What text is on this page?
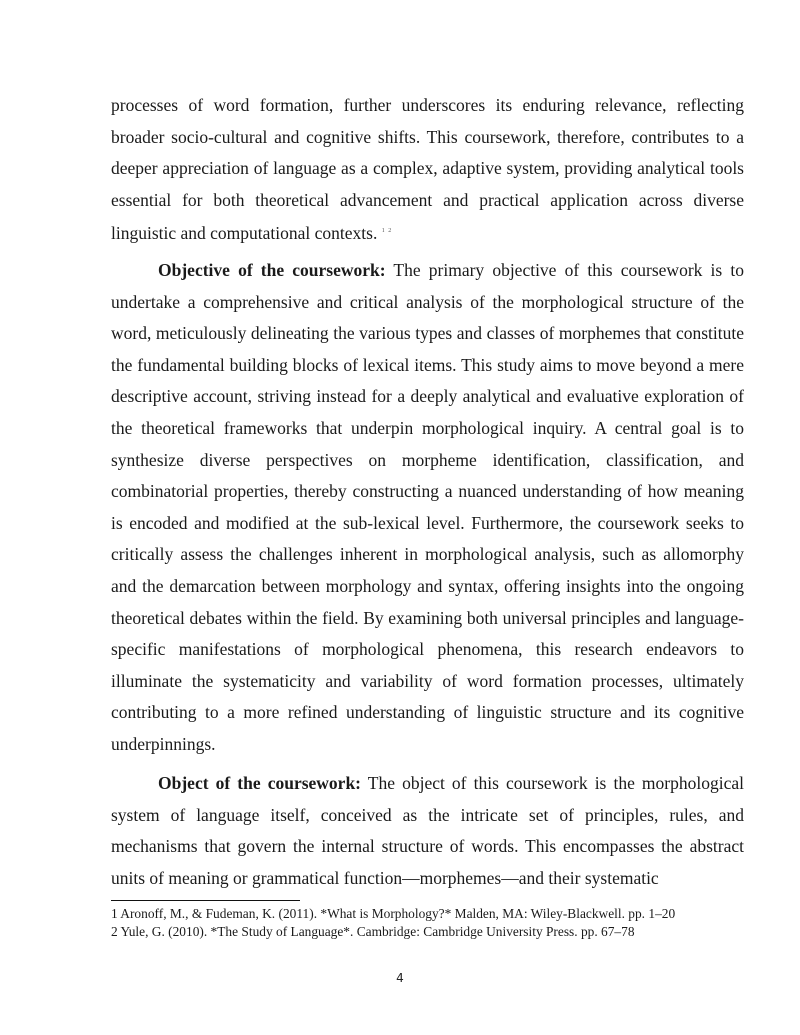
processes of word formation, further underscores its enduring relevance, reflecting broader socio-cultural and cognitive shifts. This coursework, therefore, contributes to a deeper appreciation of language as a complex, adaptive system, providing analytical tools essential for both theoretical advancement and practical application across diverse linguistic and computational contexts. $^{1 2}$

Objective of the coursework: The primary objective of this coursework is to undertake a comprehensive and critical analysis of the morphological structure of the word, meticulously delineating the various types and classes of morphemes that constitute the fundamental building blocks of lexical items. This study aims to move beyond a mere descriptive account, striving instead for a deeply analytical and evaluative exploration of the theoretical frameworks that underpin morphological inquiry. A central goal is to synthesize diverse perspectives on morpheme identification, classification, and combinatorial properties, thereby constructing a nuanced understanding of how meaning is encoded and modified at the sub-lexical level. Furthermore, the coursework seeks to critically assess the challenges inherent in morphological analysis, such as allomorphy and the demarcation between morphology and syntax, offering insights into the ongoing theoretical debates within the field. By examining both universal principles and language-specific manifestations of morphological phenomena, this research endeavors to illuminate the systematicity and variability of word formation processes, ultimately contributing to a more refined understanding of linguistic structure and its cognitive underpinnings.

Object of the coursework: The object of this coursework is the morphological system of language itself, conceived as the intricate set of principles, rules, and mechanisms that govern the internal structure of words. This encompasses the abstract units of meaning or grammatical function—morphemes—and their systematic

1 Aronoff, M., & Fudeman, K. (2011). *What is Morphology?* Malden, MA: Wiley-Blackwell. pp. 1–20
2 Yule, G. (2010). *The Study of Language*. Cambridge: Cambridge University Press. pp. 67–78
4
